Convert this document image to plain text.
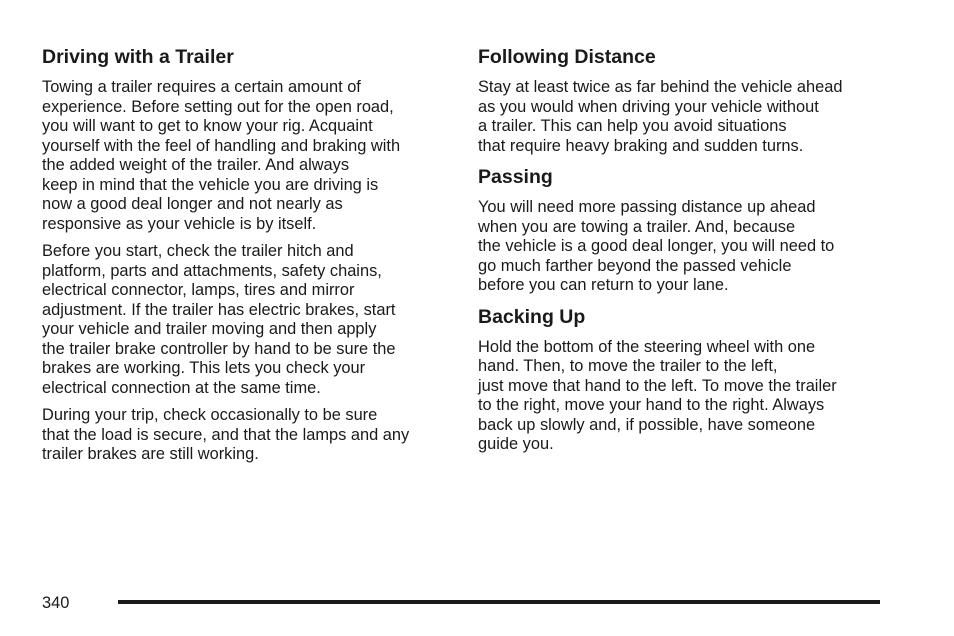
Driving with a Trailer

Towing a trailer requires a certain amount of
experience. Before setting out for the open road,
you will want to get to know your rig. Acquaint
yourself with the feel of handling and braking with
the added weight of the trailer. And always
keep in mind that the vehicle you are driving is
now a good deal longer and not nearly as
responsive as your vehicle is by itself.

Before you start, check the trailer hitch and
platform, parts and attachments, safety chains,
electrical connector, lamps, tires and mirror
adjustment. If the trailer has electric brakes, start
your vehicle and trailer moving and then apply
the trailer brake controller by hand to be sure the
brakes are working. This lets you check your
electrical connection at the same time.

During your trip, check occasionally to be sure
that the load is secure, and that the lamps and any
trailer brakes are still working.

Following Distance

Stay at least twice as far behind the vehicle ahead
as you would when driving your vehicle without
a trailer. This can help you avoid situations
that require heavy braking and sudden turns.

Passing

You will need more passing distance up ahead
when you are towing a trailer. And, because
the vehicle is a good deal longer, you will need to
go much farther beyond the passed vehicle
before you can return to your lane.

Backing Up

Hold the bottom of the steering wheel with one
hand. Then, to move the trailer to the left,
just move that hand to the left. To move the trailer
to the right, move your hand to the right. Always
back up slowly and, if possible, have someone
guide you.

340
